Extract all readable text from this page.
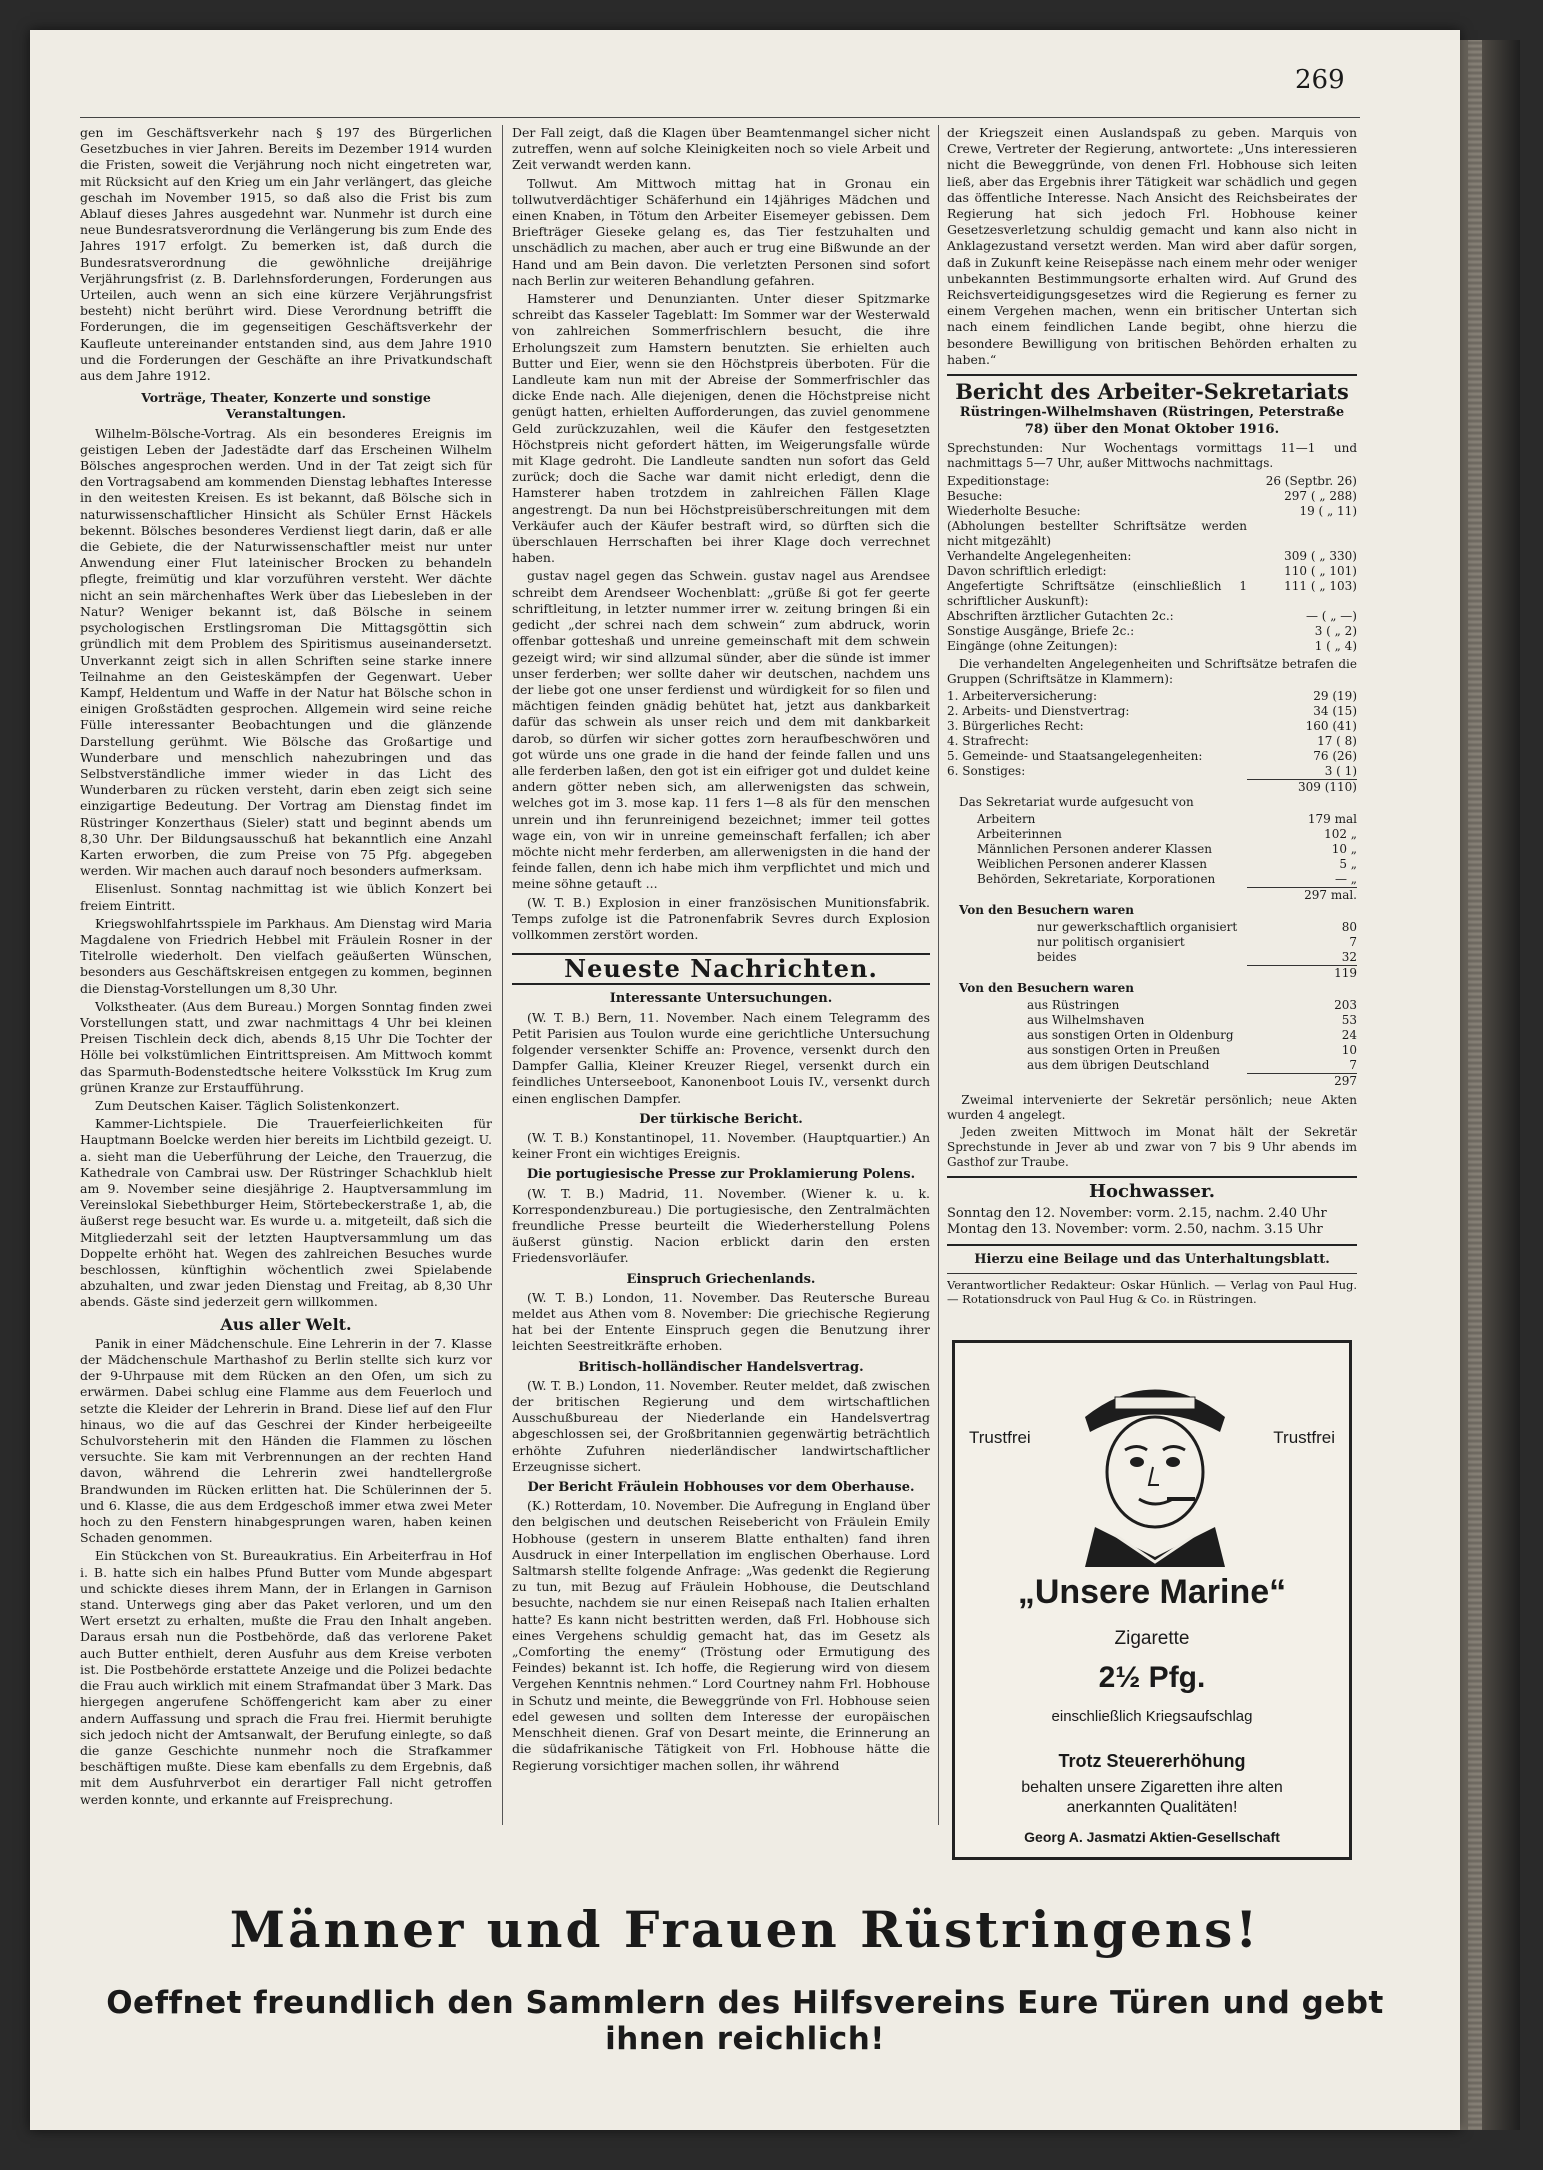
269

gen im Geschäftsverkehr nach § 197 des Bürgerlichen Gesetzbuches in vier Jahren. Bereits im Dezember 1914 wurden die Fristen, soweit die Verjährung noch nicht eingetreten war, mit Rücksicht auf den Krieg um ein Jahr verlängert, das gleiche geschah im November 1915, so daß also die Frist bis zum Ablauf dieses Jahres ausgedehnt war. Nunmehr ist durch eine neue Bundesratsverordnung die Verlängerung bis zum Ende des Jahres 1917 erfolgt. Zu bemerken ist, daß durch die Bundesratsverordnung die gewöhnliche dreijährige Verjährungsfrist (z. B. Darlehnsforderungen, Forderungen aus Urteilen, auch wenn an sich eine kürzere Verjährungsfrist besteht) nicht berührt wird. Diese Verordnung betrifft die Forderungen, die im gegenseitigen Geschäftsverkehr der Kaufleute untereinander entstanden sind, aus dem Jahre 1910 und die Forderungen der Geschäfte an ihre Privatkundschaft aus dem Jahre 1912.

Vorträge, Theater, Konzerte und sonstige Veranstaltungen.

Wilhelm-Bölsche-Vortrag. Als ein besonderes Ereignis im geistigen Leben der Jadestädte darf das Erscheinen Wilhelm Bölsches angesprochen werden. Und in der Tat zeigt sich für den Vortragsabend am kommenden Dienstag lebhaftes Interesse in den weitesten Kreisen. Es ist bekannt, daß Bölsche sich in naturwissenschaftlicher Hinsicht als Schüler Ernst Häckels bekennt. Bölsches besonderes Verdienst liegt darin, daß er alle die Gebiete, die der Naturwissenschaftler meist nur unter Anwendung einer Flut lateinischer Brocken zu behandeln pflegte, freimütig und klar vorzuführen versteht. Wer dächte nicht an sein märchenhaftes Werk über das Liebesleben in der Natur? Weniger bekannt ist, daß Bölsche in seinem psychologischen Erstlingsroman Die Mittagsgöttin sich gründlich mit dem Problem des Spiritismus auseinandersetzt. Unverkannt zeigt sich in allen Schriften seine starke innere Teilnahme an den Geisteskämpfen der Gegenwart. Ueber Kampf, Heldentum und Waffe in der Natur hat Bölsche schon in einigen Großstädten gesprochen. Allgemein wird seine reiche Fülle interessanter Beobachtungen und die glänzende Darstellung gerühmt. Wie Bölsche das Großartige und Wunderbare und menschlich nahezubringen und das Selbstverständliche immer wieder in das Licht des Wunderbaren zu rücken versteht, darin eben zeigt sich seine einzigartige Bedeutung. Der Vortrag am Dienstag findet im Rüstringer Konzerthaus (Sieler) statt und beginnt abends um 8,30 Uhr. Der Bildungsausschuß hat bekanntlich eine Anzahl Karten erworben, die zum Preise von 75 Pfg. abgegeben werden. Wir machen auch darauf noch besonders aufmerksam.

Elisenlust. Sonntag nachmittag ist wie üblich Konzert bei freiem Eintritt.

Kriegswohlfahrtsspiele im Parkhaus. Am Dienstag wird Maria Magdalene von Friedrich Hebbel mit Fräulein Rosner in der Titelrolle wiederholt. Den vielfach geäußerten Wünschen, besonders aus Geschäftskreisen entgegen zu kommen, beginnen die Dienstag-Vorstellungen um 8,30 Uhr.

Volkstheater. (Aus dem Bureau.) Morgen Sonntag finden zwei Vorstellungen statt, und zwar nachmittags 4 Uhr bei kleinen Preisen Tischlein deck dich, abends 8,15 Uhr Die Tochter der Hölle bei volkstümlichen Eintrittspreisen. Am Mittwoch kommt das Sparmuth-Bodenstedtsche heitere Volksstück Im Krug zum grünen Kranze zur Erstaufführung.

Zum Deutschen Kaiser. Täglich Solistenkonzert.

Kammer-Lichtspiele. Die Trauerfeierlichkeiten für Hauptmann Boelcke werden hier bereits im Lichtbild gezeigt. U. a. sieht man die Ueberführung der Leiche, den Trauerzug, die Kathedrale von Cambrai usw. Der Rüstringer Schachklub hielt am 9. November seine diesjährige 2. Hauptversammlung im Vereinslokal Siebethburger Heim, Störtebeckerstraße 1, ab, die äußerst rege besucht war. Es wurde u. a. mitgeteilt, daß sich die Mitgliederzahl seit der letzten Hauptversammlung um das Doppelte erhöht hat. Wegen des zahlreichen Besuches wurde beschlossen, künftighin wöchentlich zwei Spielabende abzuhalten, und zwar jeden Dienstag und Freitag, ab 8,30 Uhr abends. Gäste sind jederzeit gern willkommen.

Aus aller Welt.

Panik in einer Mädchenschule. Eine Lehrerin in der 7. Klasse der Mädchenschule Marthashof zu Berlin stellte sich kurz vor der 9-Uhrpause mit dem Rücken an den Ofen, um sich zu erwärmen. Dabei schlug eine Flamme aus dem Feuerloch und setzte die Kleider der Lehrerin in Brand. Diese lief auf den Flur hinaus, wo die auf das Geschrei der Kinder herbeigeeilte Schulvorsteherin mit den Händen die Flammen zu löschen versuchte. Sie kam mit Verbrennungen an der rechten Hand davon, während die Lehrerin zwei handtellergroße Brandwunden im Rücken erlitten hat. Die Schülerinnen der 5. und 6. Klasse, die aus dem Erdgeschoß immer etwa zwei Meter hoch zu den Fenstern hinabgesprungen waren, haben keinen Schaden genommen.

Ein Stückchen von St. Bureaukratius. Ein Arbeiterfrau in Hof i. B. hatte sich ein halbes Pfund Butter vom Munde abgespart und schickte dieses ihrem Mann, der in Erlangen in Garnison stand. Unterwegs ging aber das Paket verloren, und um den Wert ersetzt zu erhalten, mußte die Frau den Inhalt angeben. Daraus ersah nun die Postbehörde, daß das verlorene Paket auch Butter enthielt, deren Ausfuhr aus dem Kreise verboten ist. Die Postbehörde erstattete Anzeige und die Polizei bedachte die Frau auch wirklich mit einem Strafmandat über 3 Mark. Das hiergegen angerufene Schöffengericht kam aber zu einer andern Auffassung und sprach die Frau frei. Hiermit beruhigte sich jedoch nicht der Amtsanwalt, der Berufung einlegte, so daß die ganze Geschichte nunmehr noch die Strafkammer beschäftigen mußte. Diese kam ebenfalls zu dem Ergebnis, daß mit dem Ausfuhrverbot ein derartiger Fall nicht getroffen werden konnte, und erkannte auf Freisprechung.

Der Fall zeigt, daß die Klagen über Beamtenmangel sicher nicht zutreffen, wenn auf solche Kleinigkeiten noch so viele Arbeit und Zeit verwandt werden kann.

Tollwut. Am Mittwoch mittag hat in Gronau ein tollwutverdächtiger Schäferhund ein 14jähriges Mädchen und einen Knaben, in Tötum den Arbeiter Eisemeyer gebissen. Dem Briefträger Gieseke gelang es, das Tier festzuhalten und unschädlich zu machen, aber auch er trug eine Bißwunde an der Hand und am Bein davon. Die verletzten Personen sind sofort nach Berlin zur weiteren Behandlung gefahren.

Hamsterer und Denunzianten. Unter dieser Spitzmarke schreibt das Kasseler Tageblatt: Im Sommer war der Westerwald von zahlreichen Sommerfrischlern besucht, die ihre Erholungszeit zum Hamstern benutzten. Sie erhielten auch Butter und Eier, wenn sie den Höchstpreis überboten. Für die Landleute kam nun mit der Abreise der Sommerfrischler das dicke Ende nach. Alle diejenigen, denen die Höchstpreise nicht genügt hatten, erhielten Aufforderungen, das zuviel genommene Geld zurückzuzahlen, weil die Käufer den festgesetzten Höchstpreis nicht gefordert hätten, im Weigerungsfalle würde mit Klage gedroht. Die Landleute sandten nun sofort das Geld zurück; doch die Sache war damit nicht erledigt, denn die Hamsterer haben trotzdem in zahlreichen Fällen Klage angestrengt. Da nun bei Höchstpreisüberschreitungen mit dem Verkäufer auch der Käufer bestraft wird, so dürften sich die überschlauen Herrschaften bei ihrer Klage doch verrechnet haben.

gustav nagel gegen das Schwein. gustav nagel aus Arendsee schreibt dem Arendseer Wochenblatt: „grüße ßi got fer geerte schriftleitung, in letzter nummer irrer w. zeitung bringen ßi ein gedicht „der schrei nach dem schwein“ zum abdruck, worin offenbar gotteshaß und unreine gemeinschaft mit dem schwein gezeigt wird; wir sind allzumal sünder, aber die sünde ist immer unser ferderben; wer sollte daher wir deutschen, nachdem uns der liebe got one unser ferdienst und würdigkeit for so filen und mächtigen feinden gnädig behütet hat, jetzt aus dankbarkeit dafür das schwein als unser reich und dem mit dankbarkeit darob, so dürfen wir sicher gottes zorn heraufbeschwören und got würde uns one grade in die hand der feinde fallen und uns alle ferderben laßen, den got ist ein eifriger got und duldet keine andern götter neben sich, am allerwenigsten das schwein, welches got im 3. mose kap. 11 fers 1—8 als für den menschen unrein und ihn ferunreinigend bezeichnet; immer teil gottes wage ein, von wir in unreine gemeinschaft ferfallen; ich aber möchte nicht mehr ferderben, am allerwenigsten in die hand der feinde fallen, denn ich habe mich ihm verpflichtet und mich und meine söhne getauft ...

(W. T. B.) Explosion in einer französischen Munitionsfabrik. Temps zufolge ist die Patronenfabrik Sevres durch Explosion vollkommen zerstört worden.

Neueste Nachrichten.
Interessante Untersuchungen.

(W. T. B.) Bern, 11. November. Nach einem Telegramm des Petit Parisien aus Toulon wurde eine gerichtliche Untersuchung folgender versenkter Schiffe an: Provence, versenkt durch den Dampfer Gallia, Kleiner Kreuzer Riegel, versenkt durch ein feindliches Unterseeboot, Kanonenboot Louis IV., versenkt durch einen englischen Dampfer.

Der türkische Bericht.

(W. T. B.) Konstantinopel, 11. November. (Hauptquartier.) An keiner Front ein wichtiges Ereignis.

Die portugiesische Presse zur Proklamierung Polens.

(W. T. B.) Madrid, 11. November. (Wiener k. u. k. Korrespondenzbureau.) Die portugiesische, den Zentralmächten freundliche Presse beurteilt die Wiederherstellung Polens äußerst günstig. Nacion erblickt darin den ersten Friedensvorläufer.

Einspruch Griechenlands.

(W. T. B.) London, 11. November. Das Reutersche Bureau meldet aus Athen vom 8. November: Die griechische Regierung hat bei der Entente Einspruch gegen die Benutzung ihrer leichten Seestreitkräfte erhoben.

Britisch-holländischer Handelsvertrag.

(W. T. B.) London, 11. November. Reuter meldet, daß zwischen der britischen Regierung und dem wirtschaftlichen Ausschußbureau der Niederlande ein Handelsvertrag abgeschlossen sei, der Großbritannien gegenwärtig beträchtlich erhöhte Zufuhren niederländischer landwirtschaftlicher Erzeugnisse sichert.

Der Bericht Fräulein Hobhouses vor dem Oberhause.

(K.) Rotterdam, 10. November. Die Aufregung in England über den belgischen und deutschen Reisebericht von Fräulein Emily Hobhouse (gestern in unserem Blatte enthalten) fand ihren Ausdruck in einer Interpellation im englischen Oberhause. Lord Saltmarsh stellte folgende Anfrage: „Was gedenkt die Regierung zu tun, mit Bezug auf Fräulein Hobhouse, die Deutschland besuchte, nachdem sie nur einen Reisepaß nach Italien erhalten hatte? Es kann nicht bestritten werden, daß Frl. Hobhouse sich eines Vergehens schuldig gemacht hat, das im Gesetz als „Comforting the enemy“ (Tröstung oder Ermutigung des Feindes) bekannt ist. Ich hoffe, die Regierung wird von diesem Vergehen Kenntnis nehmen.“ Lord Courtney nahm Frl. Hobhouse in Schutz und meinte, die Beweggründe von Frl. Hobhouse seien edel gewesen und sollten dem Interesse der europäischen Menschheit dienen. Graf von Desart meinte, die Erinnerung an die südafrikanische Tätigkeit von Frl. Hobhouse hätte die Regierung vorsichtiger machen sollen, ihr während

der Kriegszeit einen Auslandspaß zu geben. Marquis von Crewe, Vertreter der Regierung, antwortete: „Uns interessieren nicht die Beweggründe, von denen Frl. Hobhouse sich leiten ließ, aber das Ergebnis ihrer Tätigkeit war schädlich und gegen das öffentliche Interesse. Nach Ansicht des Reichsbeirates der Regierung hat sich jedoch Frl. Hobhouse keiner Gesetzesverletzung schuldig gemacht und kann also nicht in Anklagezustand versetzt werden. Man wird aber dafür sorgen, daß in Zukunft keine Reisepässe nach einem mehr oder weniger unbekannten Bestimmungsorte erhalten wird. Auf Grund des Reichsverteidigungsgesetzes wird die Regierung es ferner zu einem Vergehen machen, wenn ein britischer Untertan sich nach einem feindlichen Lande begibt, ohne hierzu die besondere Bewilligung von britischen Behörden erhalten zu haben.“

Bericht des Arbeiter-Sekretariats
Rüstringen-Wilhelmshaven (Rüstringen, Peterstraße 78) über den Monat Oktober 1916.

Sprechstunden: Nur Wochentags vormittags 11—1 und nachmittags 5—7 Uhr, außer Mittwochs nachmittags.

Expeditionstage:	26 (Septbr. 26)
Besuche:	297 ( „ 288)
Wiederholte Besuche:	19 ( „ 11)
(Abholungen bestellter Schriftsätze werden nicht mitgezählt)
Verhandelte Angelegenheiten:	309 ( „ 330)
Davon schriftlich erledigt:	110 ( „ 101)
Angefertigte Schriftsätze (einschließlich 1 schriftlicher Auskunft):
111 ( „ 103)
Abschriften ärztlicher Gutachten 2c.:	— ( „ —)
Sonstige Ausgänge, Briefe 2c.:	3 ( „ 2)
Eingänge (ohne Zeitungen):	1 ( „ 4)

Die verhandelten Angelegenheiten und Schriftsätze betrafen die Gruppen (Schriftsätze in Klammern):

1. Arbeiterversicherung:	29 (19)
2. Arbeits- und Dienstvertrag:	34 (15)
3. Bürgerliches Recht:	160 (41)
4. Strafrecht:	17 ( 8)
5. Gemeinde- und Staatsangelegenheiten:	76 (26)
6. Sonstiges:	3 ( 1)
309 (110)

Das Sekretariat wurde aufgesucht von

Arbeitern	179 mal
Arbeiterinnen	102 „
Männlichen Personen anderer Klassen	10 „
Weiblichen Personen anderer Klassen	5 „
Behörden, Sekretariate, Korporationen	— „
297 mal.

Von den Besuchern waren

nur gewerkschaftlich organisiert	80
nur politisch organisiert	7
beides	32
119

Von den Besuchern waren

aus Rüstringen	203
aus Wilhelmshaven	53
aus sonstigen Orten in Oldenburg	24
aus sonstigen Orten in Preußen	10
aus dem übrigen Deutschland	7
297

Zweimal intervenierte der Sekretär persönlich; neue Akten wurden 4 angelegt.

Jeden zweiten Mittwoch im Monat hält der Sekretär Sprechstunde in Jever ab und zwar von 7 bis 9 Uhr abends im Gasthof zur Traube.

Hochwasser.
Sonntag den 12. November: vorm. 2.15, nachm. 2.40 Uhr
Montag den 13. November: vorm. 2.50, nachm. 3.15 Uhr
Hierzu eine Beilage und das Unterhaltungsblatt.
Verantwortlicher Redakteur: Oskar Hünlich. — Verlag von Paul Hug. — Rotationsdruck von Paul Hug & Co. in Rüstringen.
Trustfrei	Trustfrei
„Unsere Marine“
Zigarette
2½ Pfg.
einschließlich Kriegsaufschlag
Trotz Steuererhöhung
behalten unsere Zigaretten ihre alten anerkannten Qualitäten!
Georg A. Jasmatzi Aktien-Gesellschaft
Männer und Frauen Rüstringens!
Oeffnet freundlich den Sammlern des Hilfsvereins Eure Türen und gebt ihnen reichlich!
